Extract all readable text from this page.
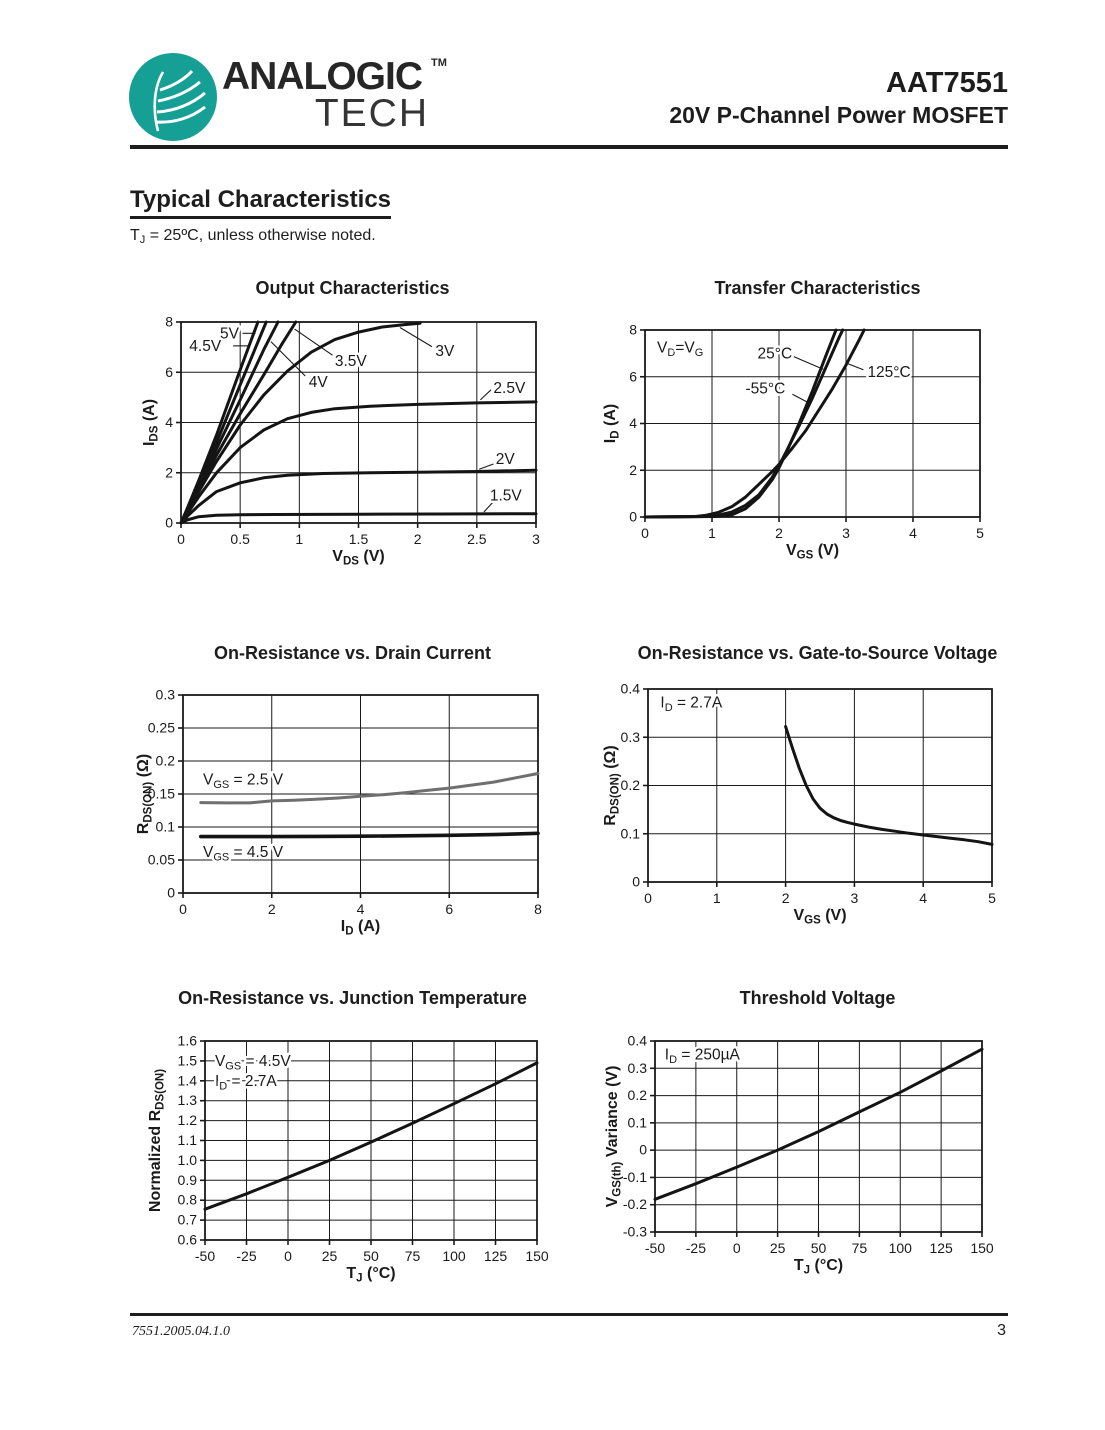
ANALOGIC TM
TECH
AAT7551
20V P-Channel Power MOSFET
Typical Characteristics
$T_J$ = 25ºC, unless otherwise noted.
0	0.5	1	1.5	2	2.5	3
0
2
4
6
8
5V
4.5V
3.5V
4V
3V
2.5V
2V
1.5V
$V_{DS}$ (V)
$I_{DS}$ (A)
Output Characteristics
0	1	2	3	4	5
0
2
4
6
8
$V_D=V_G$	25°C
125°C
-55°C
$V_{GS}$ (V)
$I_D$ (A)
Transfer Characteristics
0	2	4	6	8
0
0.05
0.1
0.15
0.2
0.25
0.3
$V_{GS} = 2.5$ V
$V_{GS} = 4.5$ V
$I_D$ (A)
$R_{DS(ON)}$ (Ω)
On-Resistance vs. Drain Current
0	1	2	3	4	5
0
0.1
0.2
0.3
0.4
$I_D = 2.7A$
$V_{GS}$ (V)
$R_{DS(ON)}$ (Ω)
On-Resistance vs. Gate-to-Source Voltage
-50 -25 0 25 50 75 100 125 150
0.6
0.7
0.8
0.9
1.0
1.1
1.2
1.3
1.4
1.5
1.6
$V_{GS} = 4.5V$
$I_D = 2.7A$
$T_J$ (°C)
Normalized $R_{DS(ON)}$
On-Resistance vs. Junction Temperature
-50 -25 0 25 50 75 100 125 150
-0.3
-0.2
-0.1
0
0.1
0.2
0.3
0.4
$I_D = 250\mu A$
$T_J$ (°C)
$V_{GS(th)}$ Variance (V)
Threshold Voltage
7551.2005.04.1.0	3
